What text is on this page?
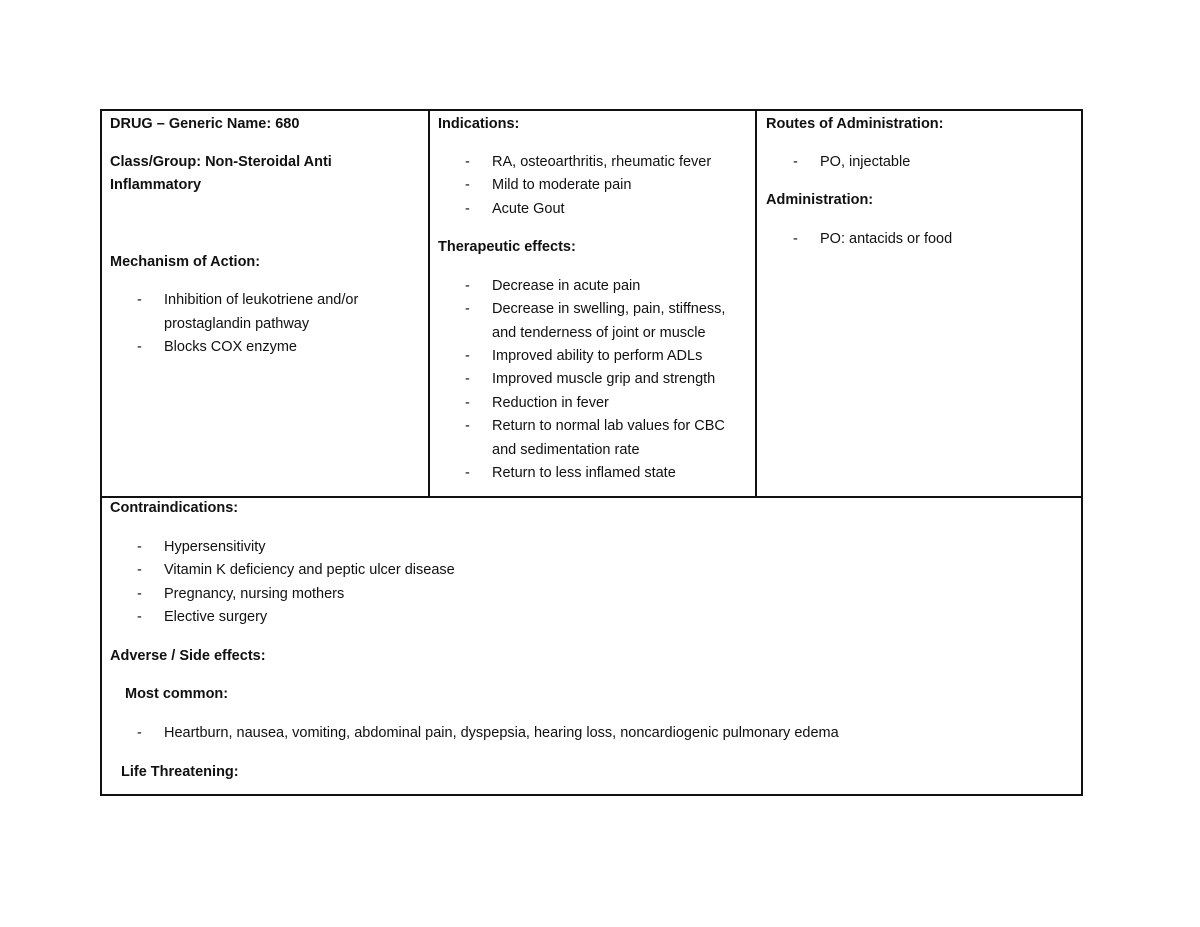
DRUG – Generic Name: 680
Class/Group: Non-Steroidal Anti
Inflammatory
Mechanism of Action:
- Inhibition of leukotriene and/or
prostaglandin pathway
- Blocks COX enzyme
Indications:
- RA, osteoarthritis, rheumatic fever
- Mild to moderate pain
- Acute Gout
Therapeutic effects:
- Decrease in acute pain
- Decrease in swelling, pain, stiffness,
and tenderness of joint or muscle
- Improved ability to perform ADLs
- Improved muscle grip and strength
- Reduction in fever
- Return to normal lab values for CBC
and sedimentation rate
- Return to less inflamed state
Routes of Administration:
- PO, injectable
Administration:
- PO: antacids or food
Contraindications:
- Hypersensitivity
- Vitamin K deficiency and peptic ulcer disease
- Pregnancy, nursing mothers
- Elective surgery
Adverse / Side effects:
Most common:
- Heartburn, nausea, vomiting, abdominal pain, dyspepsia, hearing loss, noncardiogenic pulmonary edema
Life Threatening:
